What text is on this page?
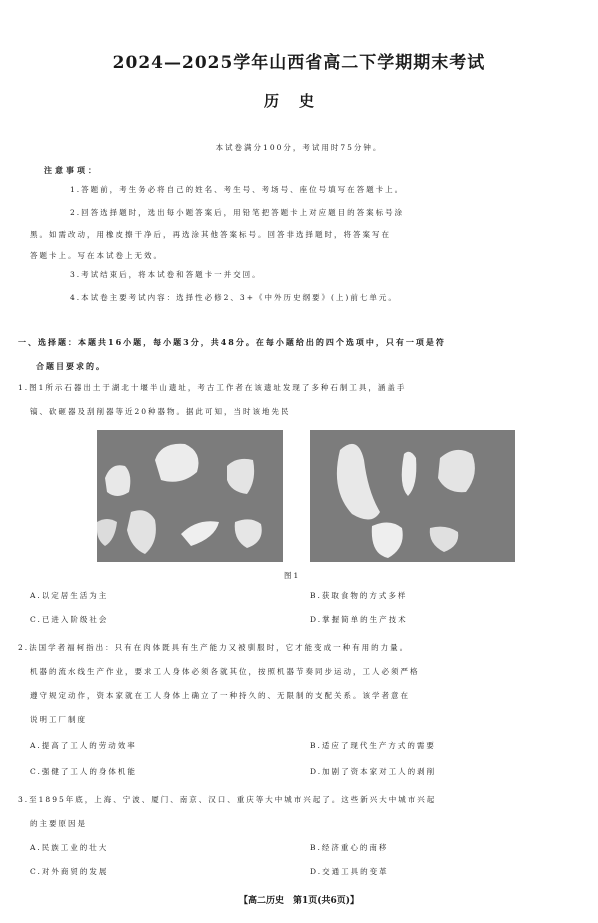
2024—2025学年山西省高二下学期期末考试
历史
本试卷满分100分，考试用时75分钟。
注意事项：
1.答题前，考生务必将自己的姓名、考生号、考场号、座位号填写在答题卡上。
2.回答选择题时，选出每小题答案后，用铅笔把答题卡上对应题目的答案标号涂
黑。如需改动，用橡皮擦干净后，再选涂其他答案标号。回答非选择题时，将答案写在
答题卡上。写在本试卷上无效。
3.考试结束后，将本试卷和答题卡一并交回。
4.本试卷主要考试内容：选择性必修2、3+《中外历史纲要》(上)前七单元。
一、选择题：本题共16小题，每小题3分，共48分。在每小题给出的四个选项中，只有一项是符
合题目要求的。
1.图1所示石器出土于湖北十堰半山遗址，考古工作者在该遗址发现了多种石制工具，涵盖手
镐、砍砸器及刮削器等近20种器物。据此可知，当时该地先民
图1
A.以定居生活为主	B.获取食物的方式多样
C.已进入阶级社会	D.掌握简单的生产技术
2.法国学者福柯指出：只有在肉体既具有生产能力又被驯服时，它才能变成一种有用的力量。
机器的流水线生产作业，要求工人身体必须各就其位，按照机器节奏同步运动，工人必须严格
遵守规定动作，资本家就在工人身体上确立了一种持久的、无限制的支配关系。该学者意在
说明工厂制度
A.提高了工人的劳动效率	B.适应了现代生产方式的需要
C.强健了工人的身体机能	D.加剧了资本家对工人的剥削
3.至1895年底，上海、宁波、厦门、南京、汉口、重庆等大中城市兴起了。这些新兴大中城市兴起
的主要原因是
A.民族工业的壮大	B.经济重心的南移
C.对外商贸的发展	D.交通工具的变革
【高二历史　第1页(共6页)】
